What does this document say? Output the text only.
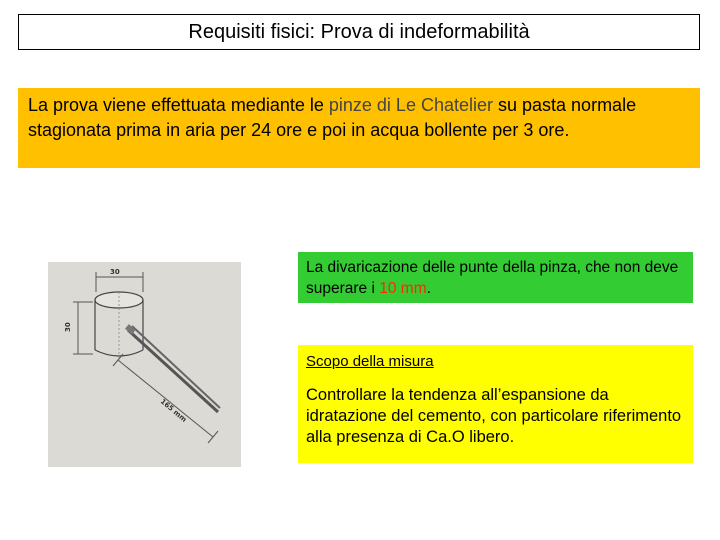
Requisiti fisici: Prova di indeformabilità
La prova viene effettuata mediante le pinze di Le Chatelier su pasta normale stagionata prima in aria per 24 ore e poi in acqua bollente per 3 ore.
30
30
165 mm
La divaricazione delle punte della pinza, che non deve superare i 10 mm.
Scopo della misura
Controllare la tendenza all’espansione da idratazione del cemento, con particolare riferimento alla presenza di Ca.O libero.
